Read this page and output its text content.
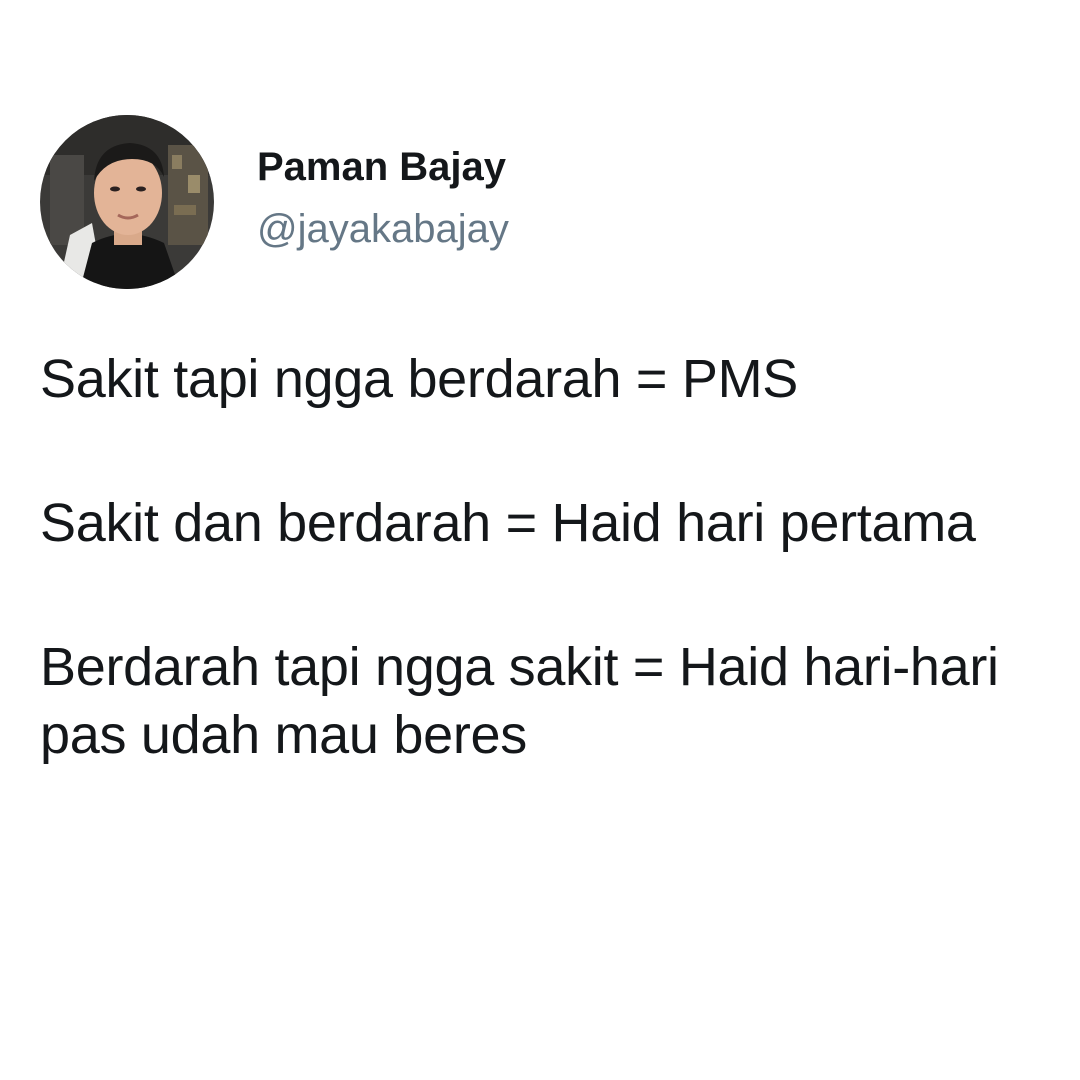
Paman Bajay
@jayakabajay

Sakit tapi ngga berdarah = PMS

Sakit dan berdarah = Haid hari pertama

Berdarah tapi ngga sakit = Haid hari-hari pas udah mau beres
